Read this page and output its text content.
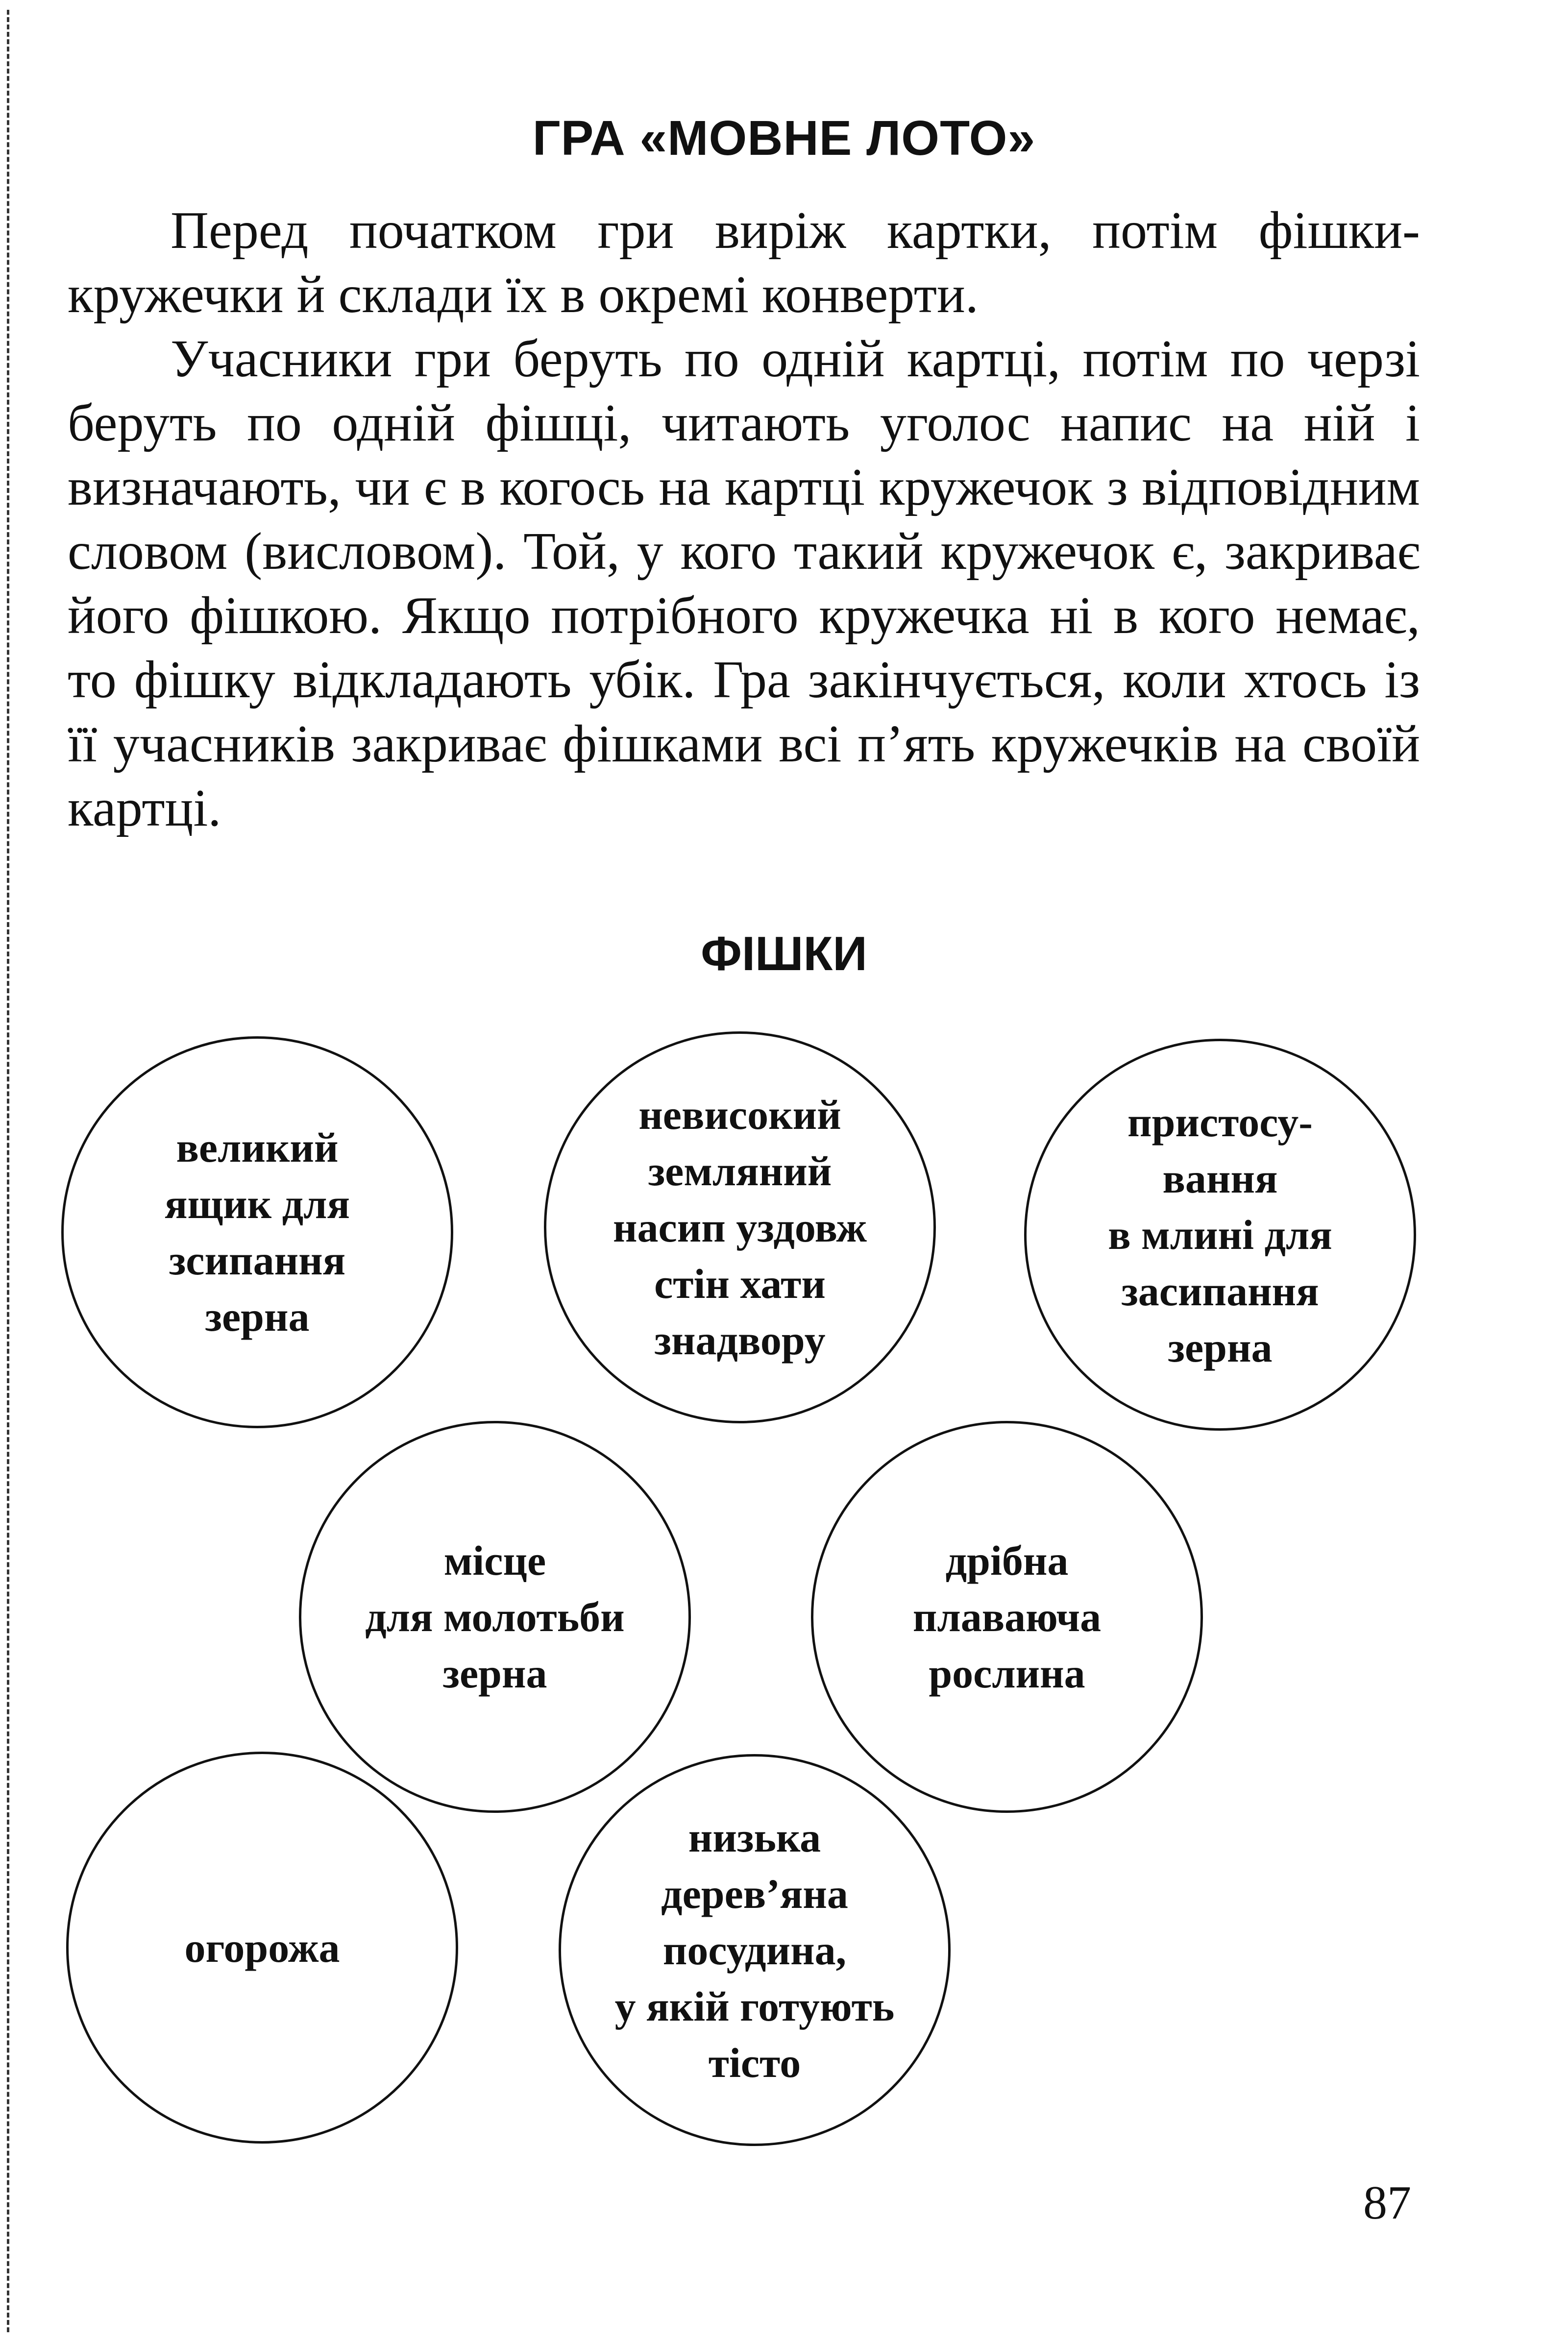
ГРА «МОВНЕ ЛОТО»

Перед початком гри виріж картки, потім фішки-кружечки й склади їх в окремі конверти.

Учасники гри беруть по одній картці, потім по черзі беруть по одній фішці, читають уголос напис на ній і визначають, чи є в когось на картці кружечок з відповідним словом (висловом). Той, у кого такий кружечок є, закриває його фішкою. Якщо потрібного кружечка ні в кого немає, то фішку відкладають убік. Гра закінчується, коли хтось із її учасників закриває фішками всі п’ять кружечків на своїй картці.

ФІШКИ
великий
ящик для
зсипання
зерна
невисокий
земляний
насип уздовж
стін хати
знадвору
пристосу-
вання
в млині для
засипання
зерна
місце
для молотьби
зерна
дрібна
плаваюча
рослина
огорожа
низька
дерев’яна
посудина,
у якій готують
тісто
87
